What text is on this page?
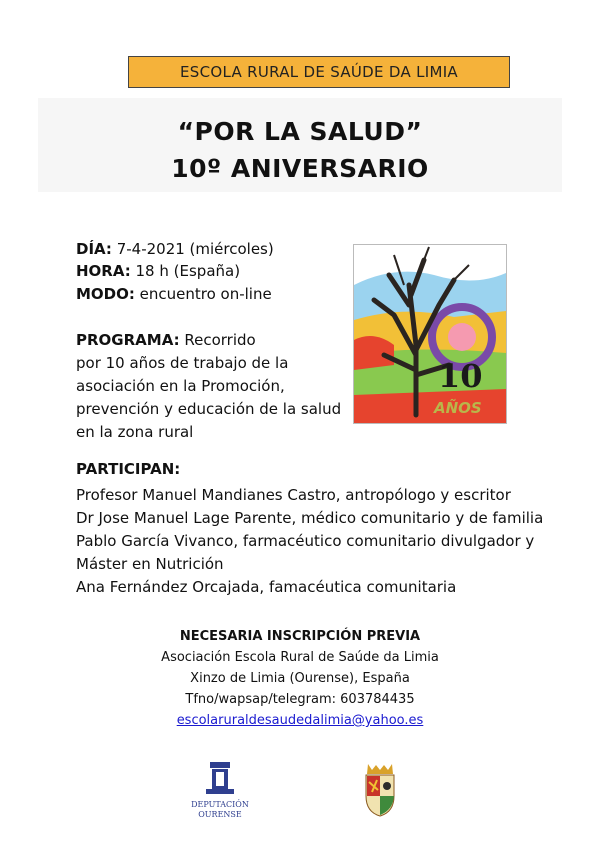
ESCOLA RURAL DE SAÚDE DA LIMIA
“POR LA SALUD”
10º ANIVERSARIO
DÍA: 7-4-2021 (miércoles)
HORA: 18 h (España)
MODO: encuentro on-line
PROGRAMA: Recorrido
por 10 años de trabajo de la
asociación en la Promoción,
prevención y educación de la salud
en la zona rural
10
AÑOS
PARTICIPAN:
Profesor Manuel Mandianes Castro, antropólogo y escritor
Dr Jose Manuel Lage Parente, médico comunitario y de familia
Pablo García Vivanco, farmacéutico comunitario divulgador y
Máster en Nutrición
Ana Fernández Orcajada, famacéutica comunitaria
NECESARIA INSCRIPCIÓN PREVIA
Asociación Escola Rural de Saúde da Limia
Xinzo de Limia (Ourense), España
Tfno/wapsap/telegram: 603784435
escolaruraldesaudedalimia@yahoo.es
DEPUTACIÓN
OURENSE
